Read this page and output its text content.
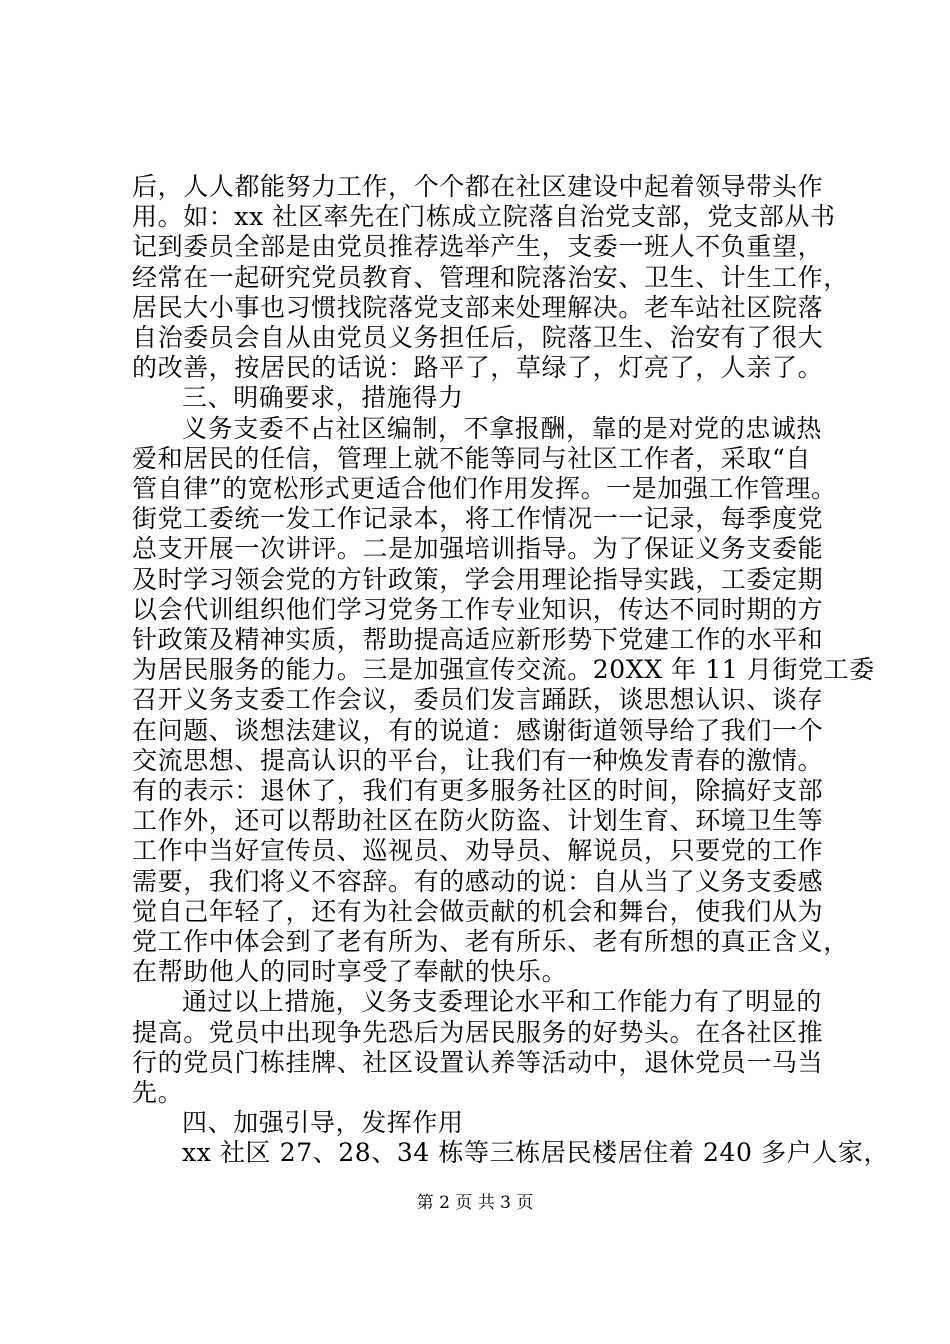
后，人人都能努力工作，个个都在社区建设中起着领导带头作
用。如：xx 社区率先在门栋成立院落自治党支部，党支部从书
记到委员全部是由党员推荐选举产生，支委一班人不负重望，
经常在一起研究党员教育、管理和院落治安、卫生、计生工作，
居民大小事也习惯找院落党支部来处理解决。老车站社区院落
自治委员会自从由党员义务担任后，院落卫生、治安有了很大
的改善，按居民的话说：路平了，草绿了，灯亮了，人亲了。
三、明确要求，措施得力
义务支委不占社区编制，不拿报酬，靠的是对党的忠诚热
爱和居民的任信，管理上就不能等同与社区工作者，采取“自
管自律”的宽松形式更适合他们作用发挥。一是加强工作管理。
街党工委统一发工作记录本，将工作情况一一记录，每季度党
总支开展一次讲评。二是加强培训指导。为了保证义务支委能
及时学习领会党的方针政策，学会用理论指导实践，工委定期
以会代训组织他们学习党务工作专业知识，传达不同时期的方
针政策及精神实质，帮助提高适应新形势下党建工作的水平和
为居民服务的能力。三是加强宣传交流。20XX 年 11 月街党工委
召开义务支委工作会议，委员们发言踊跃，谈思想认识、谈存
在问题、谈想法建议，有的说道：感谢街道领导给了我们一个
交流思想、提高认识的平台，让我们有一种焕发青春的激情。
有的表示：退休了，我们有更多服务社区的时间，除搞好支部
工作外，还可以帮助社区在防火防盗、计划生育、环境卫生等
工作中当好宣传员、巡视员、劝导员、解说员，只要党的工作
需要，我们将义不容辞。有的感动的说：自从当了义务支委感
觉自己年轻了，还有为社会做贡献的机会和舞台，使我们从为
党工作中体会到了老有所为、老有所乐、老有所想的真正含义，
在帮助他人的同时享受了奉献的快乐。
通过以上措施，义务支委理论水平和工作能力有了明显的
提高。党员中出现争先恐后为居民服务的好势头。在各社区推
行的党员门栋挂牌、社区设置认养等活动中，退休党员一马当
先。
四、加强引导，发挥作用
xx 社区 27、28、34 栋等三栋居民楼居住着 240 多户人家，
第 2 页 共 3 页
